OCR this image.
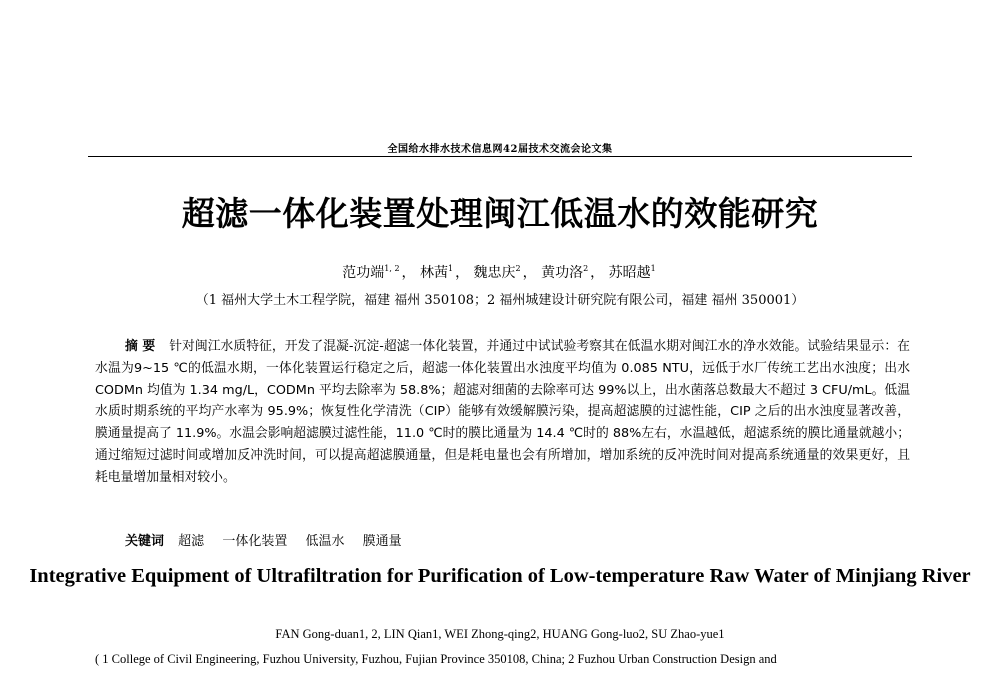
全国给水排水技术信息网42届技术交流会论文集
超滤一体化装置处理闽江低温水的效能研究
范功端$^{1, 2}$ ， 林茜$^1$ ， 魏忠庆$^2$ ， 黄功洛$^2$ ， 苏昭越$^1$
（1 福州大学土木工程学院，福建 福州 350108；2 福州城建设计研究院有限公司，福建 福州 350001）
摘 要 针对闽江水质特征，开发了混凝-沉淀-超滤一体化装置，并通过中试试验考察其在低温水期对闽江水的净水效能。试验结果显示：在水温为9~15 ℃的低温水期，一体化装置运行稳定之后，超滤一体化装置出水浊度平均值为 0.085 NTU，远低于水厂传统工艺出水浊度；出水 CODMn 均值为 1.34 mg/L，CODMn 平均去除率为 58.8%；超滤对细菌的去除率可达 99%以上，出水菌落总数最大不超过 3 CFU/mL。低温水质时期系统的平均产水率为 95.9%；恢复性化学清洗（CIP）能够有效缓解膜污染，提高超滤膜的过滤性能，CIP 之后的出水浊度显著改善，膜通量提高了 11.9%。水温会影响超滤膜过滤性能，11.0 ℃时的膜比通量为 14.4 ℃时的 88%左右，水温越低，超滤系统的膜比通量就越小；通过缩短过滤时间或增加反冲洗时间，可以提高超滤膜通量，但是耗电量也会有所增加，增加系统的反冲洗时间对提高系统通量的效果更好，且耗电量增加量相对较小。
关键词 超滤 一体化装置 低温水 膜通量
Integrative Equipment of Ultrafiltration for Purification of Low-temperature Raw Water of Minjiang River
FAN Gong-duan1, 2, LIN Qian1, WEI Zhong-qing2, HUANG Gong-luo2, SU Zhao-yue1
( 1 College of Civil Engineering, Fuzhou University, Fuzhou, Fujian Province 350108, China; 2 Fuzhou Urban Construction Design and
